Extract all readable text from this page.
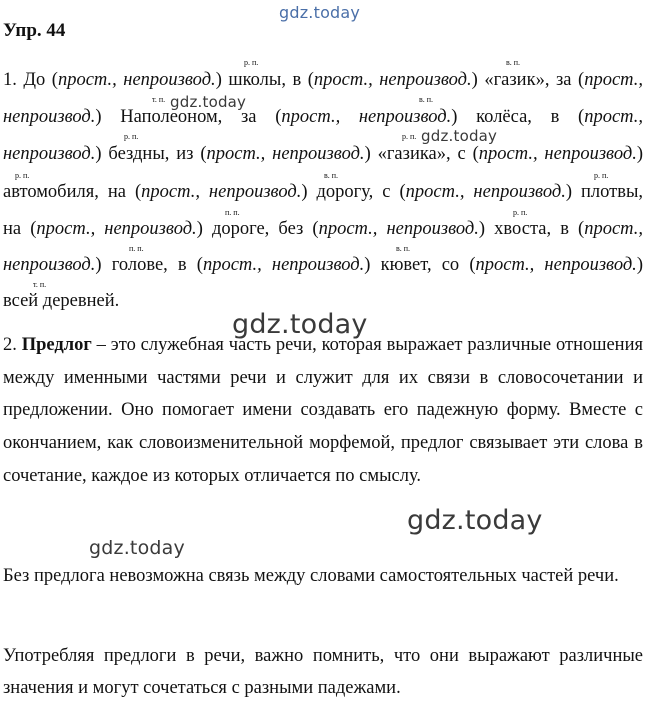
gdz.today
gdz.today
gdz.today
gdz.today
gdz.today
gdz.today
Упр. 44
р. п.	в. п.
т. п.	в. п.
р. п.	р. п.
р. п.	в. п.	р. п.
п. п.	р. п.
п. п.	в. п.
т. п.
1. До (прост., непроизвод.) школы, в (прост., непроизвод.) «газик», за (прост.,
непроизвод.) Наполеоном, за (прост., непроизвод.) колёса, в (прост.,
непроизвод.) бездны, из (прост., непроизвод.) «газика», с (прост., непроизвод.)
автомобиля, на (прост., непроизвод.) дорогу, с (прост., непроизвод.) плотвы,
на (прост., непроизвод.) дороге, без (прост., непроизвод.) хвоста, в (прост.,
непроизвод.) голове, в (прост., непроизвод.) кювет, со (прост., непроизвод.)
всей деревней.
2. Предлог – это служебная часть речи, которая выражает различные отношения между именными частями речи и служит для их связи в словосочетании и предложении. Оно помогает имени создавать его падежную форму. Вместе с окончанием, как словоизменительной морфемой, предлог связывает эти слова в сочетание, каждое из которых отличается по смыслу.
Без предлога невозможна связь между словами самостоятельных частей речи.
Употребляя предлоги в речи, важно помнить, что они выражают различные значения и могут сочетаться с разными падежами.
